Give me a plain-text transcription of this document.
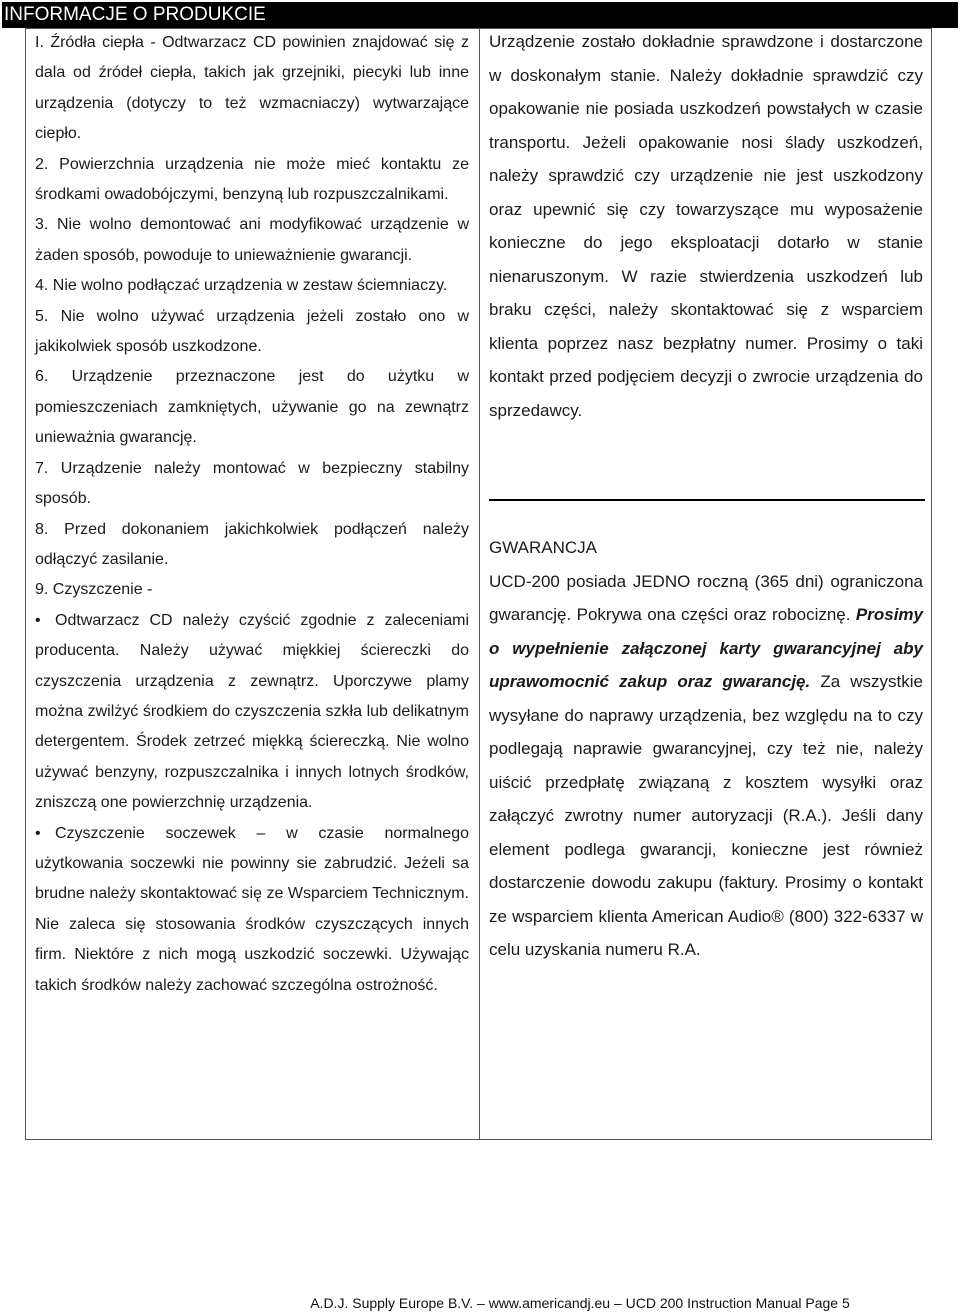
INFORMACJE O PRODUKCIE

I. Źródła ciepła - Odtwarzacz CD powinien znajdować się z dala od źródeł ciepła, takich jak grzejniki, piecyki lub inne urządzenia (dotyczy to też wzmacniaczy) wytwarzające ciepło.

2. Powierzchnia urządzenia nie może mieć kontaktu ze środkami owadobójczymi, benzyną lub rozpuszczalnikami.

3. Nie wolno demontować ani modyfikować urządzenie w żaden sposób, powoduje to unieważnienie gwarancji.

4. Nie wolno podłączać urządzenia w zestaw ściemniaczy.

5. Nie wolno używać urządzenia jeżeli zostało ono w jakikolwiek sposób uszkodzone.

6. Urządzenie przeznaczone jest do użytku w pomieszczeniach zamkniętych, używanie go na zewnątrz unieważnia gwarancję.

7. Urządzenie należy montować w bezpieczny stabilny sposób.

8. Przed dokonaniem jakichkolwiek podłączeń należy odłączyć zasilanie.

9. Czyszczenie -

• Odtwarzacz CD należy czyścić zgodnie z zaleceniami producenta. Należy używać miękkiej ściereczki do czyszczenia urządzenia z zewnątrz. Uporczywe plamy można zwilżyć środkiem do czyszczenia szkła lub delikatnym detergentem. Środek zetrzeć miękką ściereczką. Nie wolno używać benzyny, rozpuszczalnika i innych lotnych środków, zniszczą one powierzchnię urządzenia.

• Czyszczenie soczewek – w czasie normalnego użytkowania soczewki nie powinny sie zabrudzić. Jeżeli sa brudne należy skontaktować się ze Wsparciem Technicznym. Nie zaleca się stosowania środków czyszczących innych firm. Niektóre z nich mogą uszkodzić soczewki. Używając takich środków należy zachować szczególna ostrożność.

Urządzenie zostało dokładnie sprawdzone i dostarczone w doskonałym stanie. Należy dokładnie sprawdzić czy opakowanie nie posiada uszkodzeń powstałych w czasie transportu. Jeżeli opakowanie nosi ślady uszkodzeń, należy sprawdzić czy urządzenie nie jest uszkodzony oraz upewnić się czy towarzyszące mu wyposażenie konieczne do jego eksploatacji dotarło w stanie nienaruszonym. W razie stwierdzenia uszkodzeń lub braku części, należy skontaktować się z wsparciem klienta poprzez nasz bezpłatny numer. Prosimy o taki kontakt przed podjęciem decyzji o zwrocie urządzenia do sprzedawcy.

GWARANCJA

UCD-200 posiada JEDNO roczną (365 dni) ograniczona gwarancję. Pokrywa ona części oraz robociznę. Prosimy o wypełnienie załączonej karty gwarancyjnej aby uprawomocnić zakup oraz gwarancję. Za wszystkie wysyłane do naprawy urządzenia, bez względu na to czy podlegają naprawie gwarancyjnej, czy też nie, należy uiścić przedpłatę związaną z kosztem wysyłki oraz załączyć zwrotny numer autoryzacji (R.A.). Jeśli dany element podlega gwarancji, konieczne jest również dostarczenie dowodu zakupu (faktury. Prosimy o kontakt ze wsparciem klienta American Audio® (800) 322-6337 w celu uzyskania numeru R.A.

A.D.J. Supply Europe B.V. – www.americandj.eu – UCD 200 Instruction Manual Page 5
